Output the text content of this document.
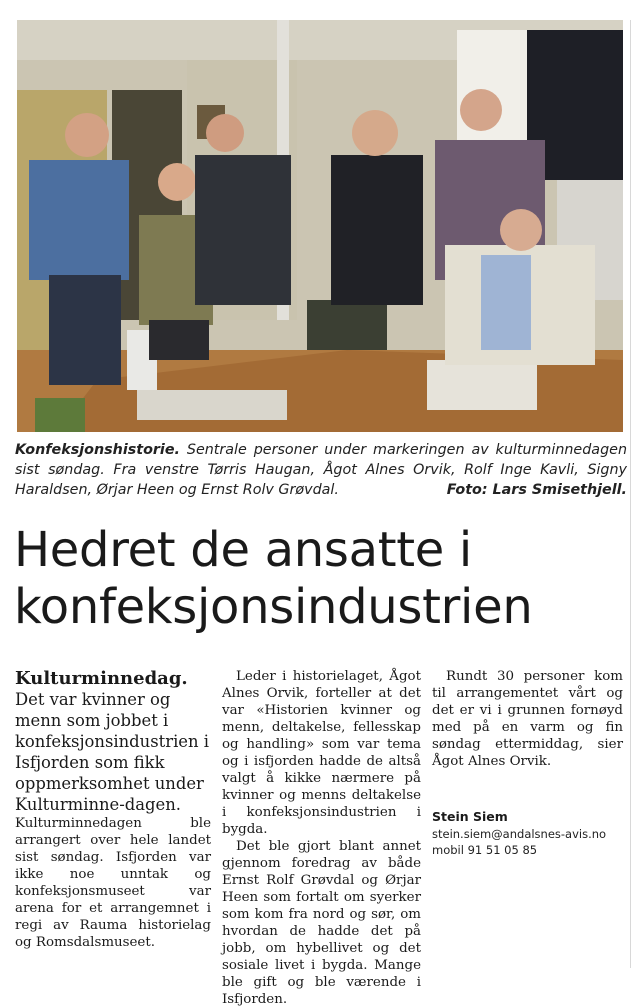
Konfeksjonshistorie. Sentrale personer under markeringen av kulturminnedagen sist søndag. Fra venstre Tørris Haugan, Ågot Alnes Orvik, Rolf Inge Kavli, Signy Haraldsen, Ørjar Heen og Ernst Rolv Grøvdal.	Foto: Lars Smisethjell.
Hedret de ansatte i konfeksjonsindustrien

Kulturminnedag.

Det var kvinner og menn som jobbet i konfeksjonsindustrien i Isfjorden som fikk oppmerksomhet under Kulturminne-dagen.

Kulturminnedagen ble arrangert over hele landet sist søndag. Isfjorden var ikke noe unntak og konfeksjonsmuseet var arena for et arrangemnet i regi av Rauma historielag og Romsdalsmuseet.

Leder i historielaget, Ågot Alnes Orvik, forteller at det var «Historien kvinner og menn, deltakelse, fellesskap og handling» som var tema og i isfjorden hadde de altså valgt å kikke nærmere på kvinner og menns deltakelse i konfeksjonsindustrien i bygda.

Det ble gjort blant annet gjennom foredrag av både Ernst Rolf Grøvdal og Ørjar Heen som fortalt om syerker som kom fra nord og sør, om hvordan de hadde det på jobb, om hybellivet og det sosiale livet i bygda. Mange ble gift og ble værende i Isfjorden.

Rundt 30 personer kom til arrangementet vårt og det er vi i grunnen fornøyd med på en varm og fin søndag ettermiddag, sier Ågot Alnes Orvik.

Stein Siem
stein.siem@andalsnes-avis.no
mobil 91 51 05 85
